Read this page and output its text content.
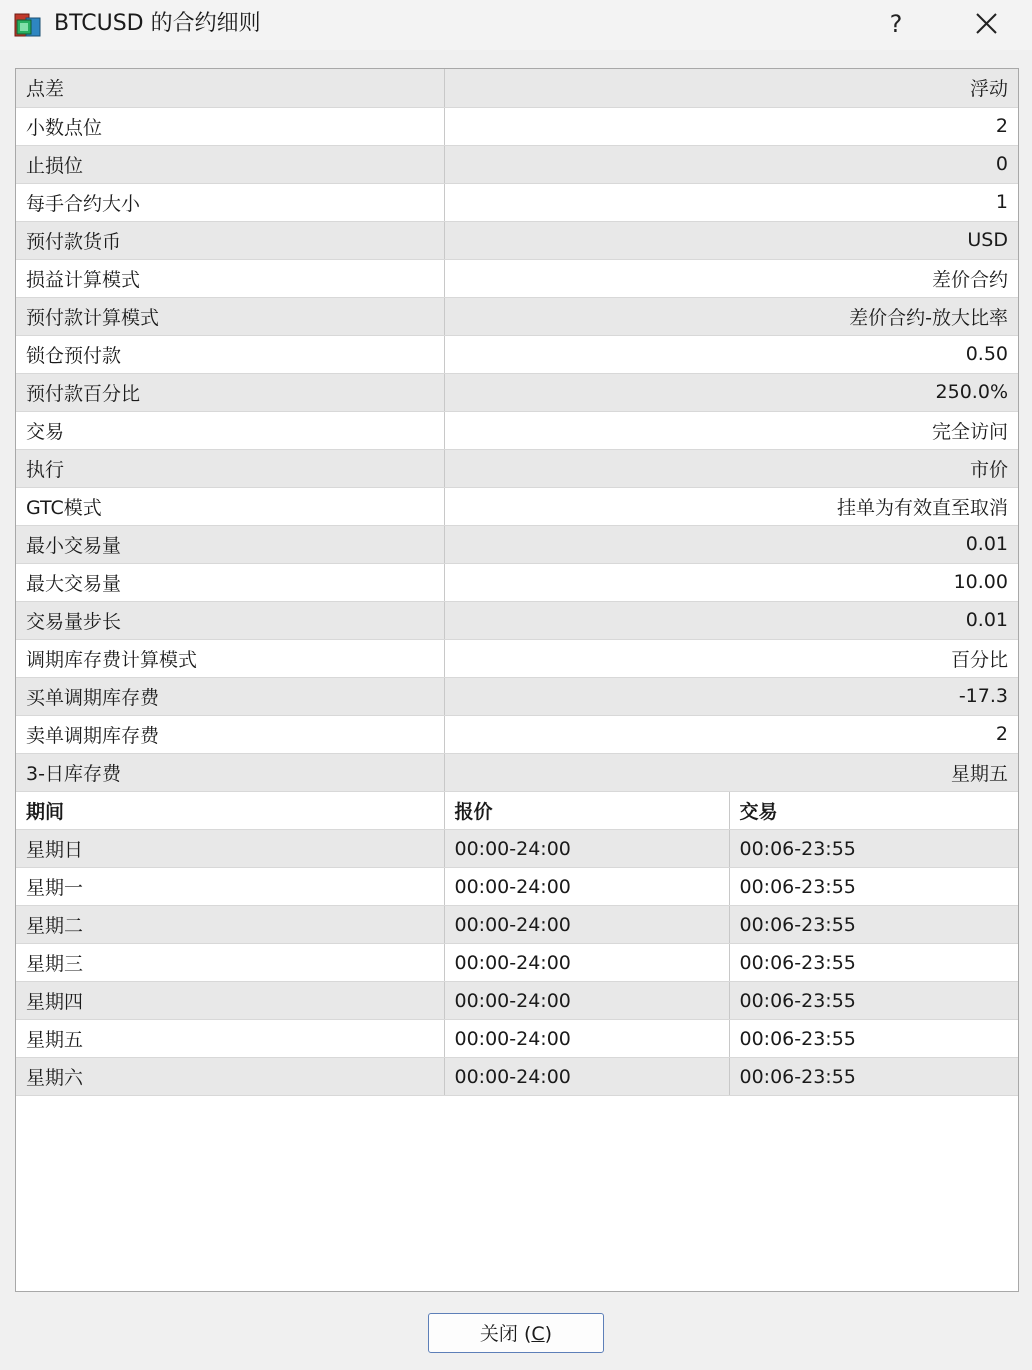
BTCUSD 的合约细则	?
点差	浮动
小数点位	2
止损位	0
每手合约大小	1
预付款货币	USD
损益计算模式	差价合约
预付款计算模式	差价合约-放大比率
锁仓预付款	0.50
预付款百分比	250.0%
交易	完全访问
执行	市价
GTC模式	挂单为有效直至取消
最小交易量	0.01
最大交易量	10.00
交易量步长	0.01
调期库存费计算模式	百分比
买单调期库存费	-17.3
卖单调期库存费	2
3-日库存费	星期五
期间	报价	交易
星期日	00:00-24:00	00:06-23:55
星期一	00:00-24:00	00:06-23:55
星期二	00:00-24:00	00:06-23:55
星期三	00:00-24:00	00:06-23:55
星期四	00:00-24:00	00:06-23:55
星期五	00:00-24:00	00:06-23:55
星期六	00:00-24:00	00:06-23:55
关闭 (C)
